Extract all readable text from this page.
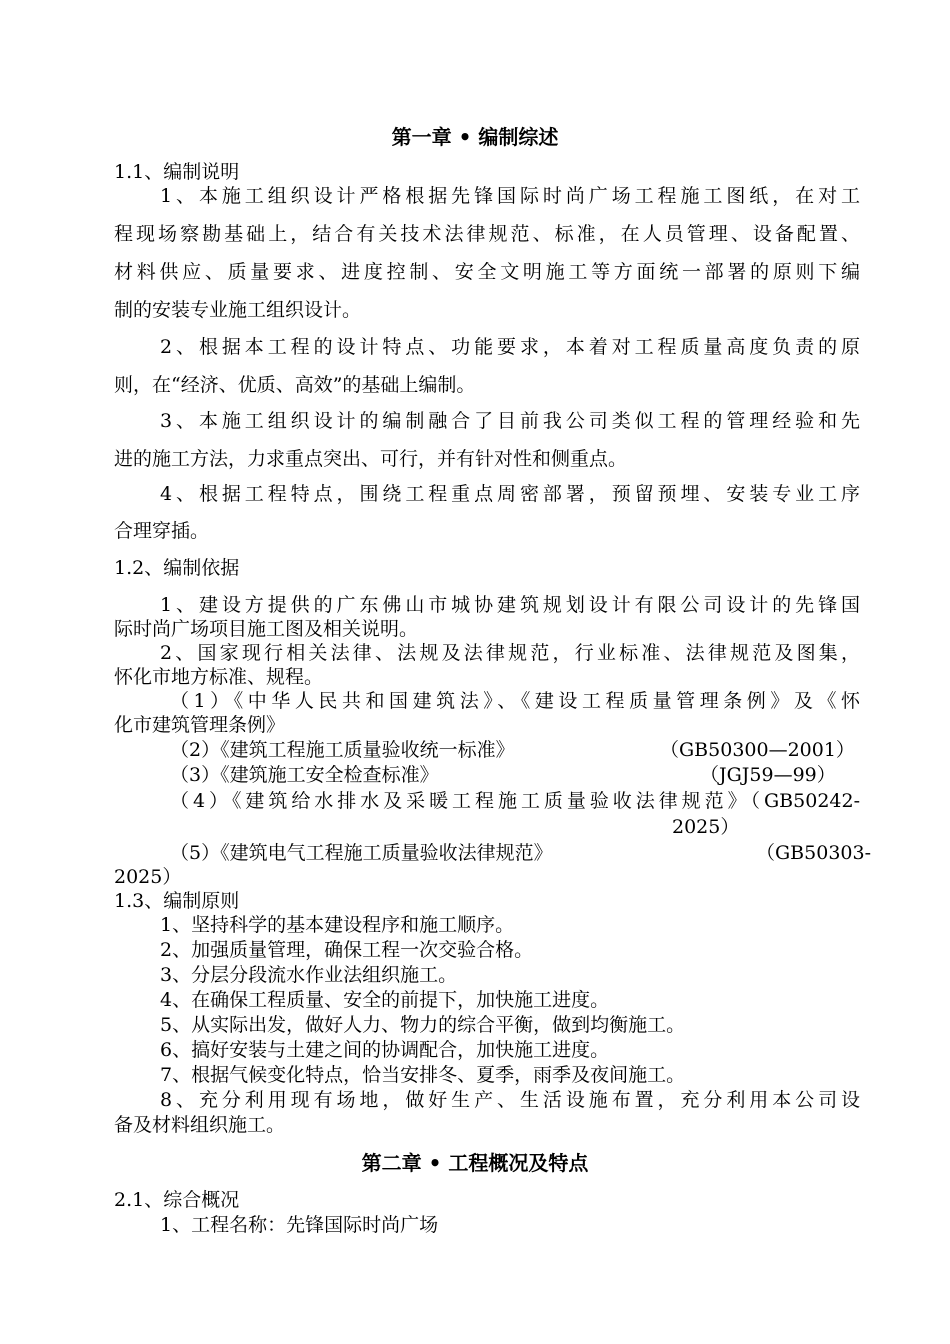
第一章 • 编制综述
1.1、编制说明
1、本施工组织设计严格根据先锋国际时尚广场工程施工图纸，在对工
程现场察勘基础上，结合有关技术法律规范、标准，在人员管理、设备配置、
材料供应、质量要求、进度控制、安全文明施工等方面统一部署的原则下编
制的安装专业施工组织设计。
2、根据本工程的设计特点、功能要求，本着对工程质量高度负责的原
则，在“经济、优质、高效”的基础上编制。
3、本施工组织设计的编制融合了目前我公司类似工程的管理经验和先
进的施工方法，力求重点突出、可行，并有针对性和侧重点。
4、根据工程特点，围绕工程重点周密部署，预留预埋、安装专业工序
合理穿插。
1.2、编制依据
1、建设方提供的广东佛山市城协建筑规划设计有限公司设计的先锋国
际时尚广场项目施工图及相关说明。
2、国家现行相关法律、法规及法律规范，行业标准、法律规范及图集，
怀化市地方标准、规程。
（1）《中华人民共和国建筑法》、《建设工程质量管理条例》及《怀
化市建筑管理条例》
（2）《建筑工程施工质量验收统一标准》	（GB50300—2001）
（3）《建筑施工安全检查标准》	（JGJ59—99）
（4）《建筑给水排水及采暖工程施工质量验收法律规范》（GB50242-
2025）
（5）《建筑电气工程施工质量验收法律规范》	（GB50303-
2025）
1.3、编制原则
1、坚持科学的基本建设程序和施工顺序。
2、加强质量管理，确保工程一次交验合格。
3、分层分段流水作业法组织施工。
4、在确保工程质量、安全的前提下，加快施工进度。
5、从实际出发，做好人力、物力的综合平衡，做到均衡施工。
6、搞好安装与土建之间的协调配合，加快施工进度。
7、根据气候变化特点，恰当安排冬、夏季，雨季及夜间施工。
8、充分利用现有场地，做好生产、生活设施布置，充分利用本公司设
备及材料组织施工。
第二章 • 工程概况及特点
2.1、综合概况
1、工程名称：先锋国际时尚广场
